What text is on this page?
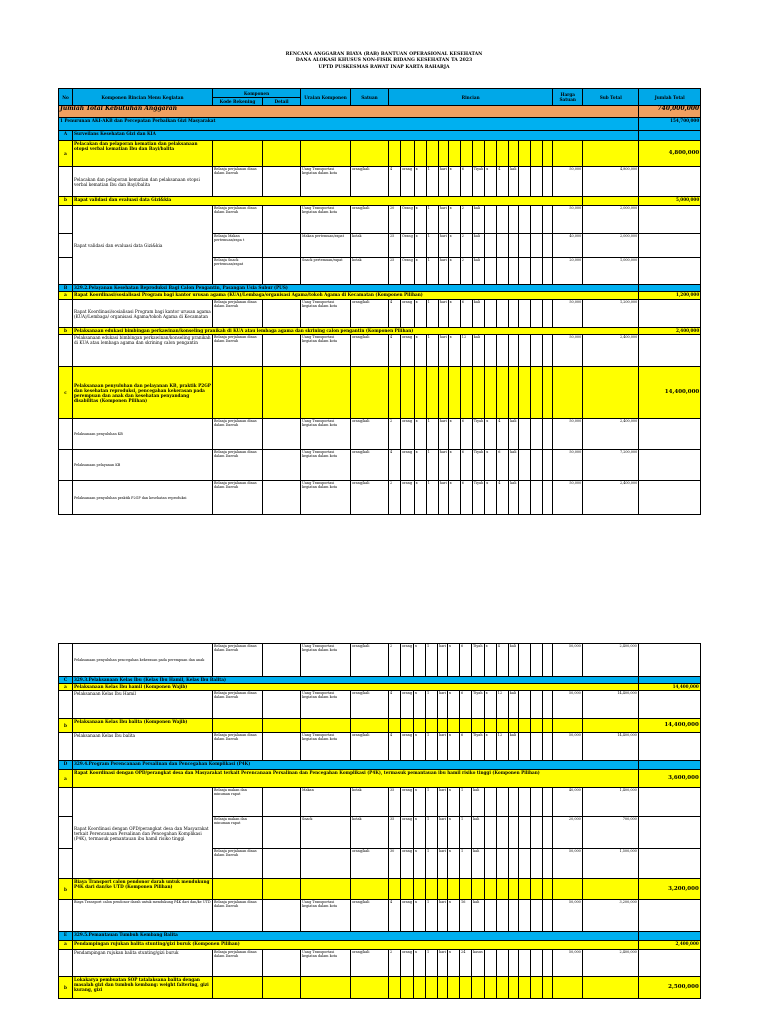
RENCANA ANGGARAN BIAYA (RAB) BANTUAN OPERASIONAL KESEHATAN
DANA ALOKASI KHUSUS NON-FISIK BIDANG KESEHATAN TA 2023
UPTD PUSKESMAS RAWAT INAP KARTA RAHARJA
No	Komponen Rincian Menu Kegiatan	Komponen		Uraian Komponen	Satuan	Rincian														Harga Satuan	Sub Total	Jumlah Total
		Kode Rekening	Detail																			
Jumlah Total Kebutuhan Anggaran																						740,000,000
1 Penurunan AKI-AKB dan Percepatan Perbaikan Gizi Masyarakat																						154,700,000
A	Surveilans Kesehatan Gizi dan KIA																					
a	Pelacakan dan pelaporan kematian dan pelaksanaan otopsi verbal kematian Ibu dan Bayi/balita																					4,800,000
	Pelacakan dan pelaporan kematian dan pelaksanaan otopsi verbal kematian Ibu dan Bayi/balita	Belanja perjalanan dinas dalam Daerah		Uang Transportasi kegiatan dalam kota	orang/kali	4	orang	x	1	hari	x	6	Tiyah	x	4	kali				50,000	4,800,000	
b	Rapat validasi dan evaluasi data Gizi&kia																					5,000,000
	Rapat validasi dan evaluasi data Gizi&kia	Belanja perjalanan dinas dalam Daerah		Uang Transportasi kegiatan dalam kota	orang/kali	20	Orang	x	1	hari	x	2	kali							50,000	2,000,000	
		Belanja Makan pertemuan/rapa t		Makan pertemuan/rapat	kotak	25	Orang	x	1	hari	x	2	kali							40,000	2,000,000	
		Belanja Snack pertemuan/rapat		Snack pertemuan/rapat	kotak	25	Orang	x	1	hari	x	2	kali							20,000	1,000,000	
B	329.2.Pelayanan Kesehatan Reproduksi Bagi Calon Pengantin, Pasangan Usia Subur (PUS)																					
a	Rapat Koordinasi/sosialisasi Program bagi kantor urusan agama (KUA)/Lembaga/organisasi Agama/tokoh Agama di Kecamatan (Komponen Pilihan)																					1,200,000
	Rapat Koordinasi/sosialisasi Program bagi kantor urusan agama (KUA)/Lembaga/ organisasi Agama/tokoh Agama di Kecamatan	Belanja perjalanan dinas dalam Daerah		Uang Transportasi kegiatan dalam kota	orang/kali	4	orang	x	1	hari	x	6	kali							50,000	1,200,000	
b	Pelaksanaan edukasi bimbingan perkawinan/konseling pranikah di KUA atau lembaga agama dan skrining calon pengantin (Komponen Pilihan)																					2,400,000
	Pelaksanaan edukasi bimbingan perkawinan/konseling pranikah di KUA atau lembaga agama dan skrining calon pengantin	Belanja perjalanan dinas dalam Daerah		Uang Transportasi kegiatan dalam kota	orang/kali	4	orang	x	1	hari	x	12	kali							50,000	2,400,000	
c	Pelaksanaan penyuluhan dan pelayanan KB, praktik P2GP dan kesehatan reproduksi, pencegahan kekerasan pada perempuan dan anak dan kesehatan penyandang disabilitas (Komponen Pilihan)																					14,400,000
	Pelaksanaan penyuluhan KB	Belanja perjalanan dinas dalam Daerah		Uang Transportasi kegiatan dalam kota	orang/kali	2	orang	x	1	hari	x	6	Tiyah	x	4	kali				50,000	2,400,000	
	Pelaksanaan pelayanan KB	Belanja perjalanan dinas dalam Daerah		Uang Transportasi kegiatan dalam kota	orang/kali	4	orang	x	1	hari	x	6	Tiyah	x	6	kali				50,000	7,200,000	
	Pelaksanaan penyuluhan praktik P2GP dan kesehatan reproduksi	Belanja perjalanan dinas dalam Daerah		Uang Transportasi kegiatan dalam kota	orang/kali	2	orang	x	1	hari	x	6	Tiyah	x	4	kali				50,000	2,400,000	
	Pelaksanaan penyuluhan pencegahan kekerasan pada perempuan dan anak	Belanja perjalanan dinas dalam Daerah		Uang Transportasi kegiatan dalam kota	orang/kali	2	orang	x	1	hari	x	6	Tiyah	x	4	kali				50,000	2,400,000	
C	329.3.Pelaksanaan Kelas Ibu (Kelas Ibu Hamil, Kelas Ibu Balita)																					
a	Pelaksanaan Kelas Ibu hamil (Komponen Wajib)																					14,400,000
	Pelaksanaan Kelas Ibu Hamil	Belanja perjalanan dinas dalam Daerah		Uang Transportasi kegiatan dalam kota	orang/kali	4	orang	x	1	hari	x	6	Tiyah	x	12	kali				50,000	14,400,000	
b	Pelaksanaan Kelas Ibu balita (Komponen Wajib)																					14,400,000
	Pelaksanaan Kelas Ibu balita	Belanja perjalanan dinas dalam Daerah		Uang Transportasi kegiatan dalam kota	orang/kali	4	orang	x	1	hari	x	6	Tiyah	x	12	kali				50,000	14,400,000	
D	329.4.Program Perencanaan Persalinan dan Pencegahan Komplikasi (P4K)																					
a	Rapat Koordinasi dengan OPD/perangkat desa dan Masyarakat terkait Perencanaan Persalinan dan Pencegahan Komplikasi (P4K), termasuk pemantauan ibu hamil risiko tinggi (Komponen Pilihan)																					3,600,000
	Rapat Koordinasi dengan OPD/perangkat desa dan Masyarakat terkait Perencanaan Persalinan dan Pencegahan Komplikasi (P4K), termasuk pemantauan ibu hamil risiko tinggi	Belanja makan dan minuman rapat		Makan	kotak	35	orang	x	1	hari	x	1	kali							40,000	1,400,000	
		Belanja makan dan minuman rapat		Snack	kotak	35	orang	x	1	hari	x	1	kali							20,000	700,000	
		Belanja perjalanan dinas dalam Daerah			orang/kali	30	orang	x	1	hari	x	1	kali							50,000	1,500,000	
b	Biaya Transport calon pendonor darah untuk mendukung P4K dari dan/ke UTD (Komponen Pilihan)																					3,200,000
	Biaya Transport calon pendonor darah untuk mendukung P4K dari dan/ke UTD	Belanja perjalanan dinas dalam Daerah		Uang Transportasi kegiatan dalam kota	orang/kali	4	orang	x	1	hari	x	16	kali							50,000	3,200,000	
E	329.5.Pemantauan Tumbuh Kembang Balita																					
a	Pendampingan rujukan balita stunting/gizi buruk (Komponen Pilihan)																					2,400,000
	Pendampingan rujukan balita stunting/gizi buruk	Belanja perjalanan dinas dalam Daerah		Uang Transportasi kegiatan dalam kota	orang/kali	2	orang	x	1	hari	x	24	kasus							50,000	2,400,000	
b	Lokakarya pembuatan SOP tatalaksana balita dengan masalah gizi dan tumbuh kembang: weight faltering, gizi kurang, gizi																					2,500,000
